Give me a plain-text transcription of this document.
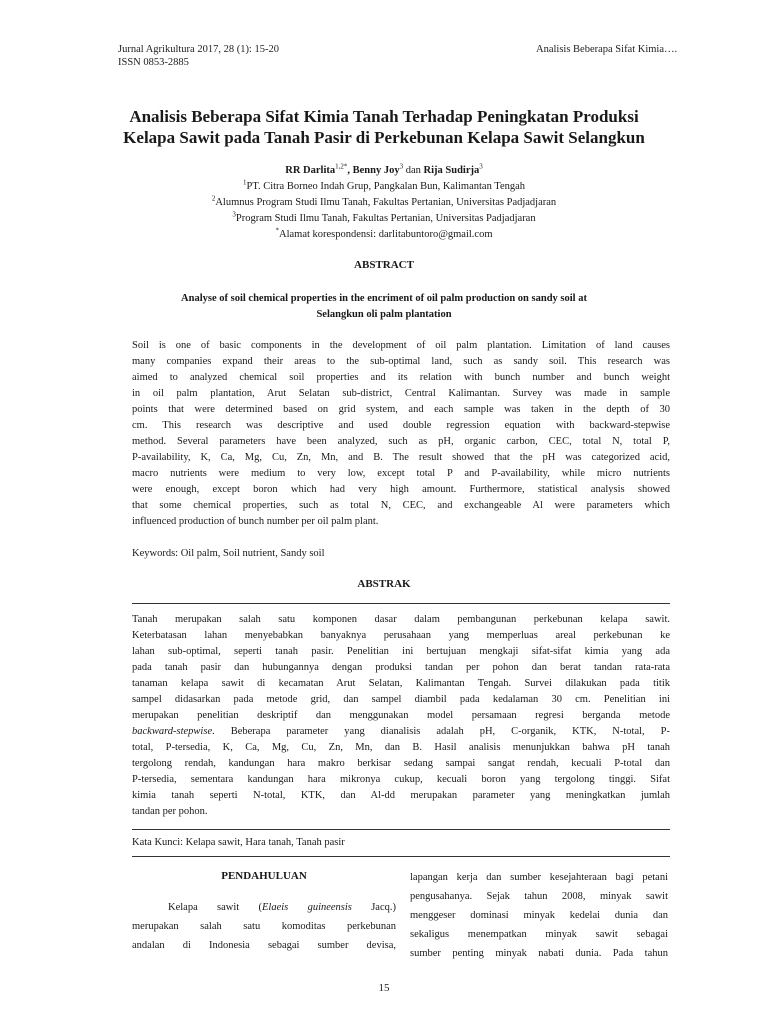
Jurnal Agrikultura 2017, 28 (1): 15-20
ISSN 0853-2885
Analisis Beberapa Sifat Kimia….
Analisis Beberapa Sifat Kimia Tanah Terhadap Peningkatan Produksi
Kelapa Sawit pada Tanah Pasir di Perkebunan Kelapa Sawit Selangkun
RR Darlita$^{1,2*}$, Benny Joy$^3$ dan Rija Sudirja$^3$
$^1$PT. Citra Borneo Indah Grup, Pangkalan Bun, Kalimantan Tengah
$^2$Alumnus Program Studi Ilmu Tanah, Fakultas Pertanian, Universitas Padjadjaran
$^3$Program Studi Ilmu Tanah, Fakultas Pertanian, Universitas Padjadjaran
*Alamat korespondensi: darlitabuntoro@gmail.com
ABSTRACT
Analyse of soil chemical properties in the encriment of oil palm production on sandy soil at
Selangkun oli palm plantation
Soil is one of basic components in the development of oil palm plantation. Limitation of land causes
many companies expand their areas to the sub-optimal land, such as sandy soil. This research was
aimed to analyzed chemical soil properties and its relation with bunch number and bunch weight
in oil palm plantation, Arut Selatan sub-district, Central Kalimantan. Survey was made in sample
points that were determined based on grid system, and each sample was taken in the depth of 30
cm. This research was descriptive and used double regression equation with backward-stepwise
method. Several parameters have been analyzed, such as pH, organic carbon, CEC, total N, total P,
P-availability, K, Ca, Mg, Cu, Zn, Mn, and B. The result showed that the pH was categorized acid,
macro nutrients were medium to very low, except total P and P-availability, while micro nutrients
were enough, except boron which had very high amount. Furthermore, statistical analysis showed
that some chemical properties, such as total N, CEC, and exchangeable Al were parameters which
influenced production of bunch number per oil palm plant.
Keywords: Oil palm, Soil nutrient, Sandy soil
ABSTRAK
Tanah merupakan salah satu komponen dasar dalam pembangunan perkebunan kelapa sawit.
Keterbatasan lahan menyebabkan banyaknya perusahaan yang memperluas areal perkebunan ke
lahan sub-optimal, seperti tanah pasir. Penelitian ini bertujuan mengkaji sifat-sifat kimia yang ada
pada tanah pasir dan hubungannya dengan produksi tandan per pohon dan berat tandan rata-rata
tanaman kelapa sawit di kecamatan Arut Selatan, Kalimantan Tengah. Survei dilakukan pada titik
sampel didasarkan pada metode grid, dan sampel diambil pada kedalaman 30 cm. Penelitian ini
merupakan penelitian deskriptif dan menggunakan model persamaan regresi berganda metode
backward-stepwise. Beberapa parameter yang dianalisis adalah pH, C-organik, KTK, N-total, P-
total, P-tersedia, K, Ca, Mg, Cu, Zn, Mn, dan B. Hasil analisis menunjukkan bahwa pH tanah
tergolong rendah, kandungan hara makro berkisar sedang sampai sangat rendah, kecuali P-total dan
P-tersedia, sementara kandungan hara mikronya cukup, kecuali boron yang tergolong tinggi. Sifat
kimia tanah seperti N-total, KTK, dan Al-dd merupakan parameter yang meningkatkan jumlah
tandan per pohon.
Kata Kunci: Kelapa sawit, Hara tanah, Tanah pasir
PENDAHULUAN
Kelapa sawit (Elaeis guineensis Jacq.)
merupakan salah satu komoditas perkebunan
andalan di Indonesia sebagai sumber devisa,
lapangan kerja dan sumber kesejahteraan bagi petani
pengusahanya. Sejak tahun 2008, minyak sawit
menggeser dominasi minyak kedelai dunia dan
sekaligus menempatkan minyak sawit sebagai
sumber penting minyak nabati dunia. Pada tahun
15
